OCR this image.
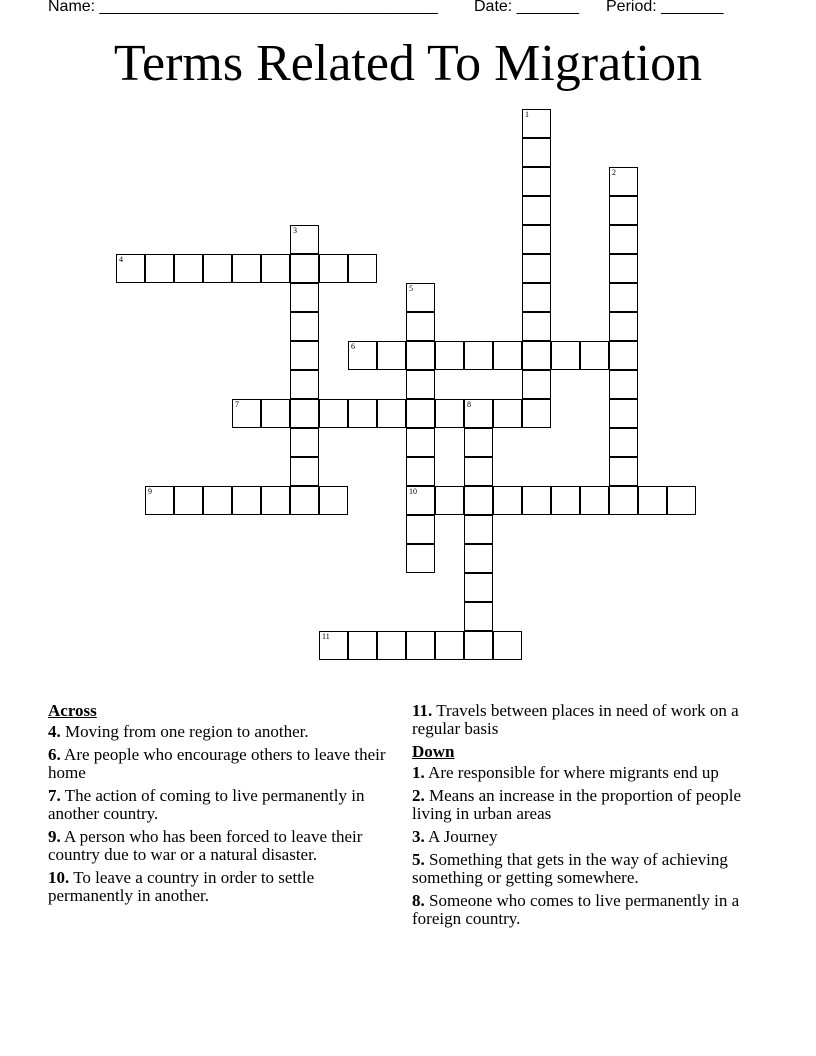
Name: ______________________________________ Date: _______ Period: _______
Terms Related To Migration
1
2
3
4
5
10
6
7	8
9
11
Across
4. Moving from one region to another.
6. Are people who encourage others to leave their home
7. The action of coming to live permanently in another country.
9. A person who has been forced to leave their country due to war or a natural disaster.
10. To leave a country in order to settle permanently in another.
11. Travels between places in need of work on a regular basis
Down
1. Are responsible for where migrants end up
2. Means an increase in the proportion of people living in urban areas
3. A Journey
5. Something that gets in the way of achieving something or getting somewhere.
8. Someone who comes to live permanently in a foreign country.
